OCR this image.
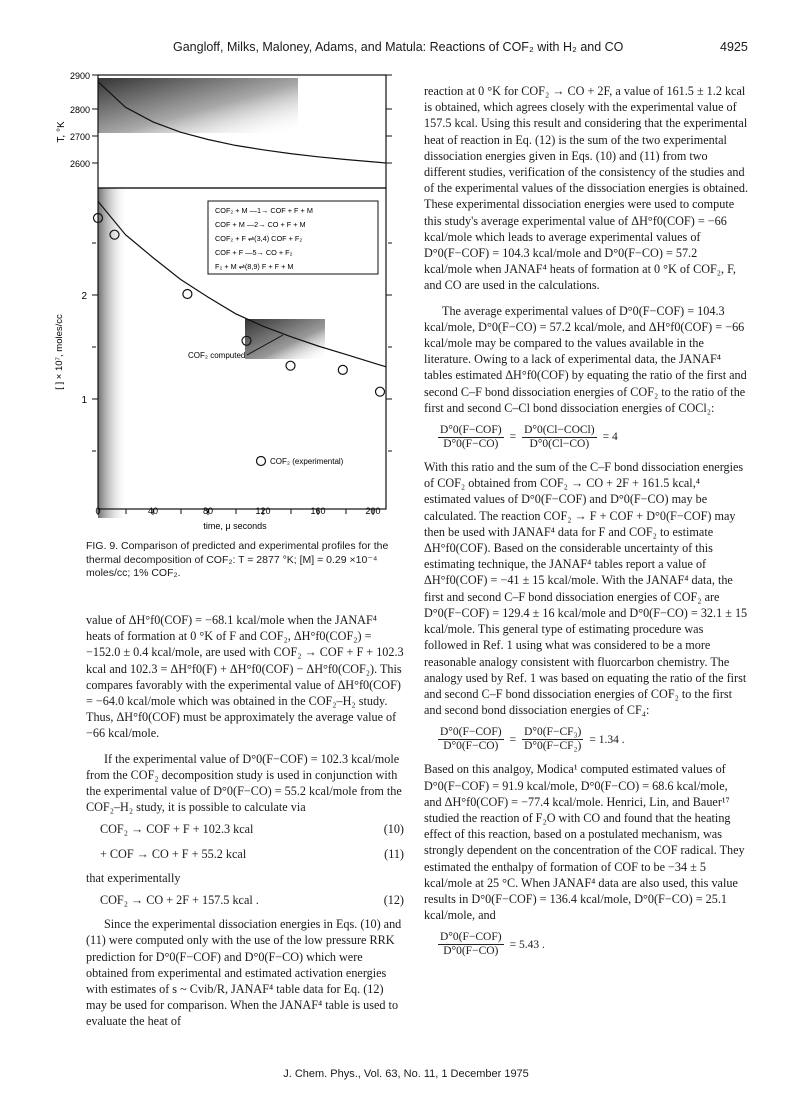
Gangloff, Milks, Maloney, Adams, and Matula: Reactions of COF₂ with H₂ and CO	4925
2900
2800
2700
2600
T, °K
2
1
[ ] × 10⁷, moles/cc
0	40	80	120	160	200
time, μ seconds
COF₂ + M —1→ COF + F + M
COF + M —2→ CO + F + M
COF₂ + F ⇌(3,4) COF + F₂
COF + F —5→ CO + F₂
F₂ + M ⇌(8,9) F + F + M
COF₂ computed
COF₂ (experimental)
FIG. 9. Comparison of predicted and experimental profiles for the thermal decomposition of COF₂: T = 2877 °K; [M] = 0.29 ×10⁻⁴ moles/cc; 1% COF₂.

value of ΔH°f0(COF) = −68.1 kcal/mole when the JANAF⁴ heats of formation at 0 °K of F and COF₂, ΔH°f0(COF₂) = −152.0 ± 0.4 kcal/mole, are used with COF₂ → COF + F + 102.3 kcal and 102.3 = ΔH°f0(F) + ΔH°f0(COF) − ΔH°f0(COF₂). This compares favorably with the experimental value of ΔH°f0(COF) = −64.0 kcal/mole which was obtained in the COF₂–H₂ study. Thus, ΔH°f0(COF) must be approximately the average value of −66 kcal/mole.

If the experimental value of D°0(F−COF) = 102.3 kcal/mole from the COF₂ decomposition study is used in conjunction with the experimental value of D°0(F−CO) = 55.2 kcal/mole from the COF₂–H₂ study, it is possible to calculate via

COF₂ → COF + F + 102.3 kcal	(10)
+ COF → CO + F + 55.2 kcal	(11)

that experimentally

COF₂ → CO + 2F + 157.5 kcal .	(12)

Since the experimental dissociation energies in Eqs. (10) and (11) were computed only with the use of the low pressure RRK prediction for D°0(F−COF) and D°0(F−CO) which were obtained from experimental and estimated activation energies with estimates of s ~ Cvib/R, JANAF⁴ table data for Eq. (12) may be used for comparison. When the JANAF⁴ table is used to evaluate the heat of

reaction at 0 °K for COF₂ → CO + 2F, a value of 161.5 ± 1.2 kcal is obtained, which agrees closely with the experimental value of 157.5 kcal. Using this result and considering that the experimental heat of reaction in Eq. (12) is the sum of the two experimental dissociation energies given in Eqs. (10) and (11) from two different studies, verification of the consistency of the studies and of the experimental values of the dissociation energies is obtained. These experimental dissociation energies were used to compute this study's average experimental value of ΔH°f0(COF) = −66 kcal/mole which leads to average experimental values of D°0(F−COF) = 104.3 kcal/mole and D°0(F−CO) = 57.2 kcal/mole when JANAF⁴ heats of formation at 0 °K of COF₂, F, and CO are used in the calculations.

The average experimental values of D°0(F−COF) = 104.3 kcal/mole, D°0(F−CO) = 57.2 kcal/mole, and ΔH°f0(COF) = −66 kcal/mole may be compared to the values available in the literature. Owing to a lack of experimental data, the JANAF⁴ tables estimated ΔH°f0(COF) by equating the ratio of the first and second C–F bond dissociation energies of COF₂ to the ratio of the first and second C–Cl bond dissociation energies of COCl₂:

$\frac{\text{D°0(F−COF)}}{D^\circ 0(F-CO)} = \frac{\text{D°0(Cl−COCl)}}{D^\circ 0(Cl-CO)} = 4$

With this ratio and the sum of the C–F bond dissociation energies of COF₂ obtained from COF₂ → CO + 2F + 161.5 kcal,⁴ estimated values of D°0(F−COF) and D°0(F−CO) may be calculated. The reaction COF₂ → F + COF + D°0(F−COF) may then be used with JANAF⁴ data for F and COF₂ to estimate ΔH°f0(COF). Based on the considerable uncertainty of this estimating technique, the JANAF⁴ tables report a value of ΔH°f0(COF) = −41 ± 15 kcal/mole. With the JANAF⁴ data, the first and second C–F bond dissociation energies of COF₂ are D°0(F−COF) = 129.4 ± 16 kcal/mole and D°0(F−CO) = 32.1 ± 15 kcal/mole. This general type of estimating procedure was followed in Ref. 1 using what was considered to be a more reasonable analogy consistent with fluorcarbon chemistry. The analogy used by Ref. 1 was based on equating the ratio of the first and second C–F bond dissociation energies of COF₂ to the first and second bond dissociation energies of CF₄:

$\frac{\text{D°0(F−COF)}}{D^\circ 0(F-CO)} = \frac{\text{D°0(F−CF₃)}}{\text{D°0(F−CF₂)}} = 1.34$ .

Based on this analgoy, Modica¹ computed estimated values of D°0(F−COF) = 91.9 kcal/mole, D°0(F−CO) = 68.6 kcal/mole, and ΔH°f0(COF) = −77.4 kcal/mole. Henrici, Lin, and Bauer¹⁷ studied the reaction of F₂O with CO and found that the heating effect of this reaction, based on a postulated mechanism, was strongly dependent on the concentration of the COF radical. They estimated the enthalpy of formation of COF to be −34 ± 5 kcal/mole at 25 °C. When JANAF⁴ data are also used, this value results in D°0(F−COF) = 136.4 kcal/mole, D°0(F−CO) = 25.1 kcal/mole, and

$\frac{\text{D°0(F−COF)}}{D^\circ 0(F-CO)} = 5.43$ .
J. Chem. Phys., Vol. 63, No. 11, 1 December 1975
